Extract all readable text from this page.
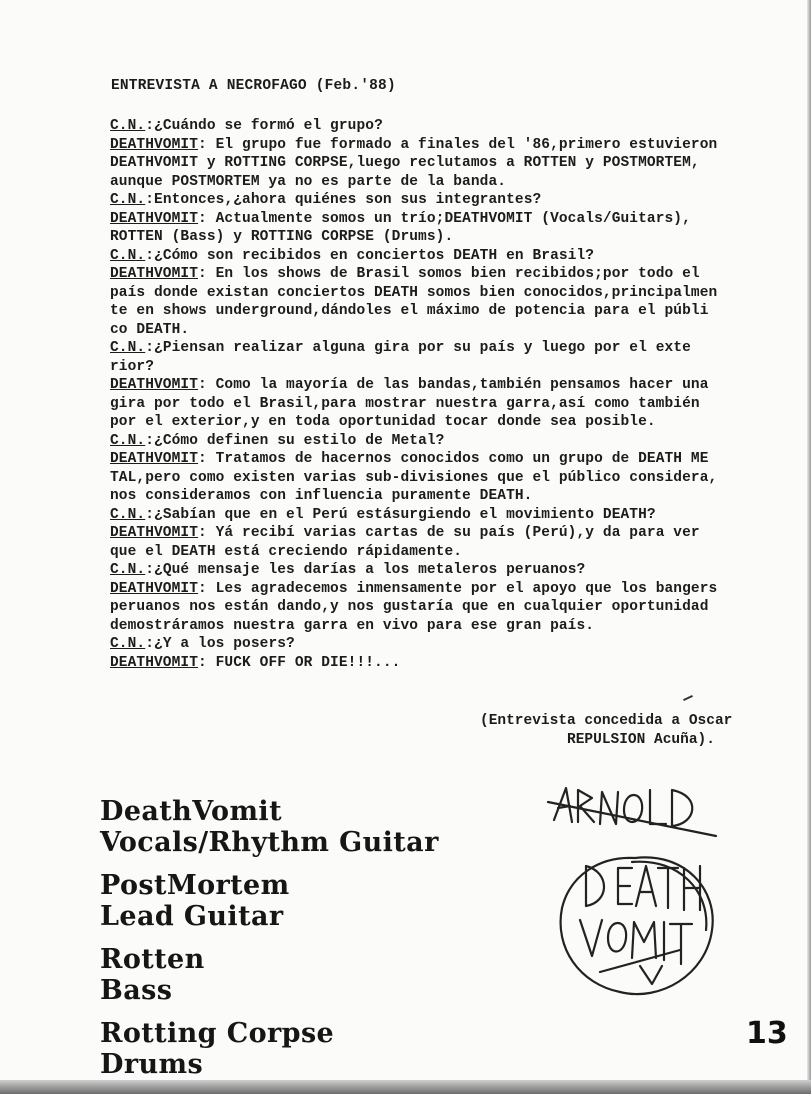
ENTREVISTA A NECROFAGO (Feb.'88)

C.N.:¿Cuándo se formó el grupo?

DEATHVOMIT: El grupo fue formado a finales del '86,primero estuvieron
DEATHVOMIT y ROTTING CORPSE,luego reclutamos a ROTTEN y POSTMORTEM,
aunque POSTMORTEM ya no es parte de la banda.

C.N.:Entonces,¿ahora quiénes son sus integrantes?

DEATHVOMIT: Actualmente somos un trío;DEATHVOMIT (Vocals/Guitars),
ROTTEN (Bass) y ROTTING CORPSE (Drums).

C.N.:¿Cómo son recibidos en conciertos DEATH en Brasil?

DEATHVOMIT: En los shows de Brasil somos bien recibidos;por todo el
país donde existan conciertos DEATH somos bien conocidos,principalmen
te en shows underground,dándoles el máximo de potencia para el públi
co DEATH.

C.N.:¿Piensan realizar alguna gira por su país y luego por el exte
rior?

DEATHVOMIT: Como la mayoría de las bandas,también pensamos hacer una
gira por todo el Brasil,para mostrar nuestra garra,así como también
por el exterior,y en toda oportunidad tocar donde sea posible.

C.N.:¿Cómo definen su estilo de Metal?

DEATHVOMIT: Tratamos de hacernos conocidos como un grupo de DEATH ME
TAL,pero como existen varias sub-divisiones que el público considera,
nos consideramos con influencia puramente DEATH.

C.N.:¿Sabían que en el Perú estásurgiendo el movimiento DEATH?

DEATHVOMIT: Yá recibí varias cartas de su país (Perú),y da para ver
que el DEATH está creciendo rápidamente.

C.N.:¿Qué mensaje les darías a los metaleros peruanos?

DEATHVOMIT: Les agradecemos inmensamente por el apoyo que los bangers
peruanos nos están dando,y nos gustaría que en cualquier oportunidad
demostráramos nuestra garra en vivo para ese gran país.

C.N.:¿Y a los posers?

DEATHVOMIT: FUCK OFF OR DIE!!!...

(Entrevista concedida a Oscar
REPULSION Acuña).
DeathVomit
Vocals/Rhythm Guitar
PostMortem
Lead Guitar
Rotten
Bass
Rotting Corpse
Drums
13
